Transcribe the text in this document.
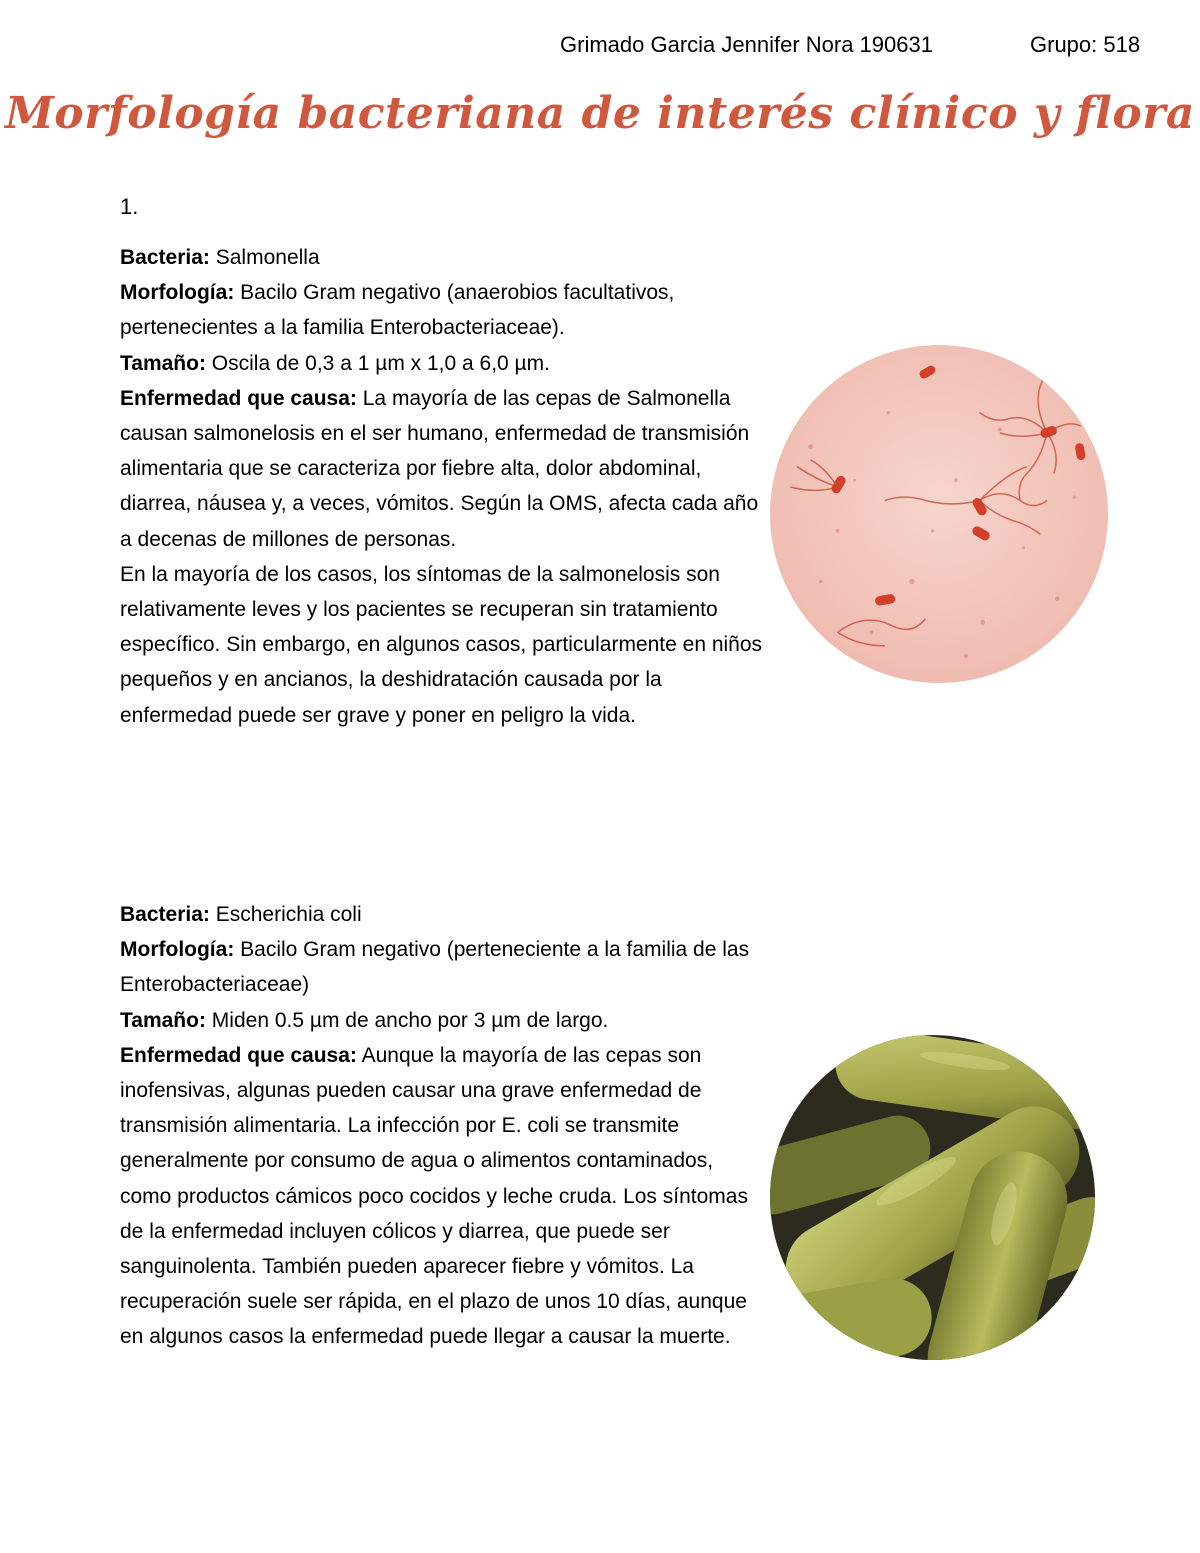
Grimado Garcia Jennifer Nora 190631	Grupo: 518
Morfología bacteriana de interés clínico y flora
1.

Bacteria: Salmonella

Morfología: Bacilo Gram negativo (anaerobios facultativos, pertenecientes a la familia Enterobacteriaceae).

Tamaño: Oscila de 0,3 a 1 µm x 1,0 a 6,0 µm.

Enfermedad que causa: La mayoría de las cepas de Salmonella causan salmonelosis en el ser humano, enfermedad de transmisión alimentaria que se caracteriza por fiebre alta, dolor abdominal, diarrea, náusea y, a veces, vómitos. Según la OMS, afecta cada año a decenas de millones de personas.

En la mayoría de los casos, los síntomas de la salmonelosis son relativamente leves y los pacientes se recuperan sin tratamiento específico. Sin embargo, en algunos casos, particularmente en niños pequeños y en ancianos, la deshidratación causada por la enfermedad puede ser grave y poner en peligro la vida.

Bacteria: Escherichia coli

Morfología: Bacilo Gram negativo (perteneciente a la familia de las Enterobacteriaceae)

Tamaño: Miden 0.5 µm de ancho por 3 µm de largo.

Enfermedad que causa: Aunque la mayoría de las cepas son inofensivas, algunas pueden causar una grave enfermedad de transmisión alimentaria. La infección por E. coli se transmite generalmente por consumo de agua o alimentos contaminados, como productos cámicos poco cocidos y leche cruda. Los síntomas de la enfermedad incluyen cólicos y diarrea, que puede ser sanguinolenta. También pueden aparecer fiebre y vómitos. La recuperación suele ser rápida, en el plazo de unos 10 días, aunque en algunos casos la enfermedad puede llegar a causar la muerte.
